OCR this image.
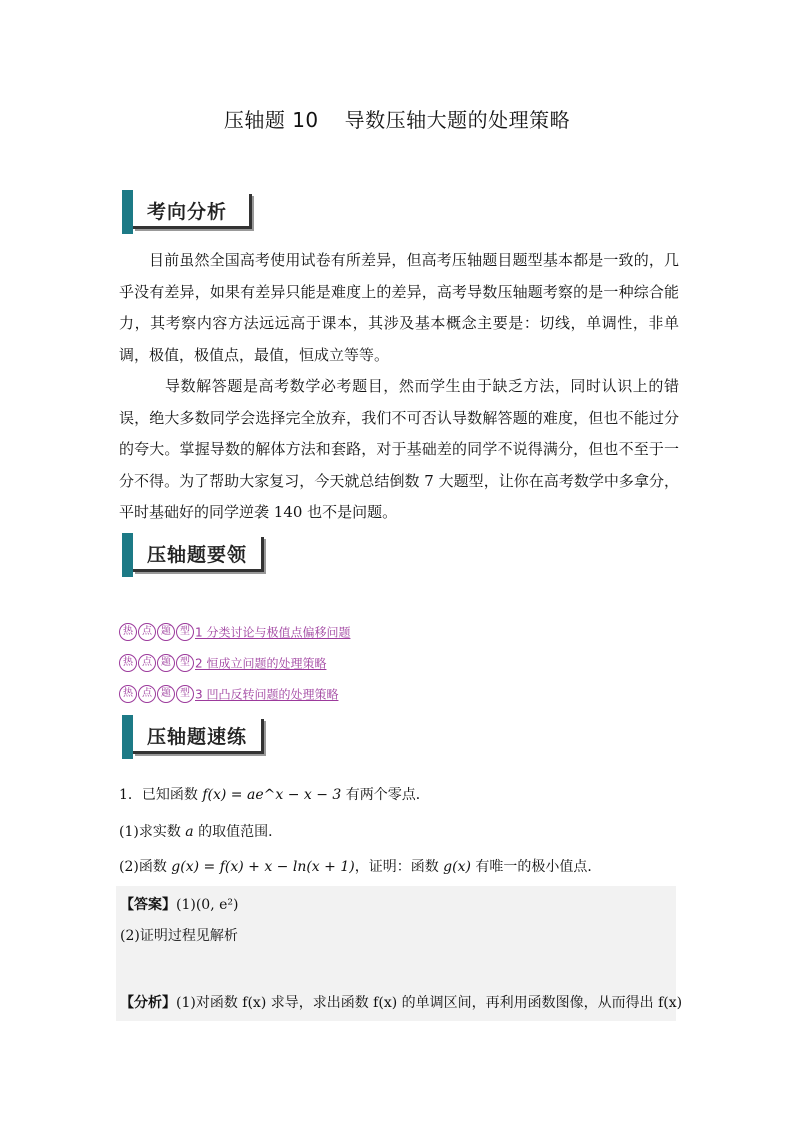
压轴题 10 导数压轴大题的处理策略
考向分析

目前虽然全国高考使用试卷有所差异，但高考压轴题目题型基本都是一致的，几乎没有差异，如果有差异只能是难度上的差异，高考导数压轴题考察的是一种综合能力，其考察内容方法远远高于课本，其涉及基本概念主要是：切线，单调性，非单调，极值，极值点，最值，恒成立等等。

导数解答题是高考数学必考题目，然而学生由于缺乏方法，同时认识上的错误，绝大多数同学会选择完全放弃，我们不可否认导数解答题的难度，但也不能过分的夸大。掌握导数的解体方法和套路，对于基础差的同学不说得满分，但也不至于一分不得。为了帮助大家复习，今天就总结倒数 7 大题型，让你在高考数学中多拿分，平时基础好的同学逆袭 140 也不是问题。

压轴题要领
热 点 题 型 1 分类讨论与极值点偏移问题
热 点 题 型 2 恒成立问题的处理策略
热 点 题 型 3 凹凸反转问题的处理策略
压轴题速练
1．已知函数 f(x) = ae^x − x − 3 有两个零点．
(1)求实数 a 的取值范围．
(2)函数 g(x) = f(x) + x − ln(x + 1)，证明：函数 g(x) 有唯一的极小值点．
【答案】(1)(0, e²)
(2)证明过程见解析
【分析】(1)对函数 f(x) 求导，求出函数 f(x) 的单调区间，再利用函数图像，从而得出 f(x)
